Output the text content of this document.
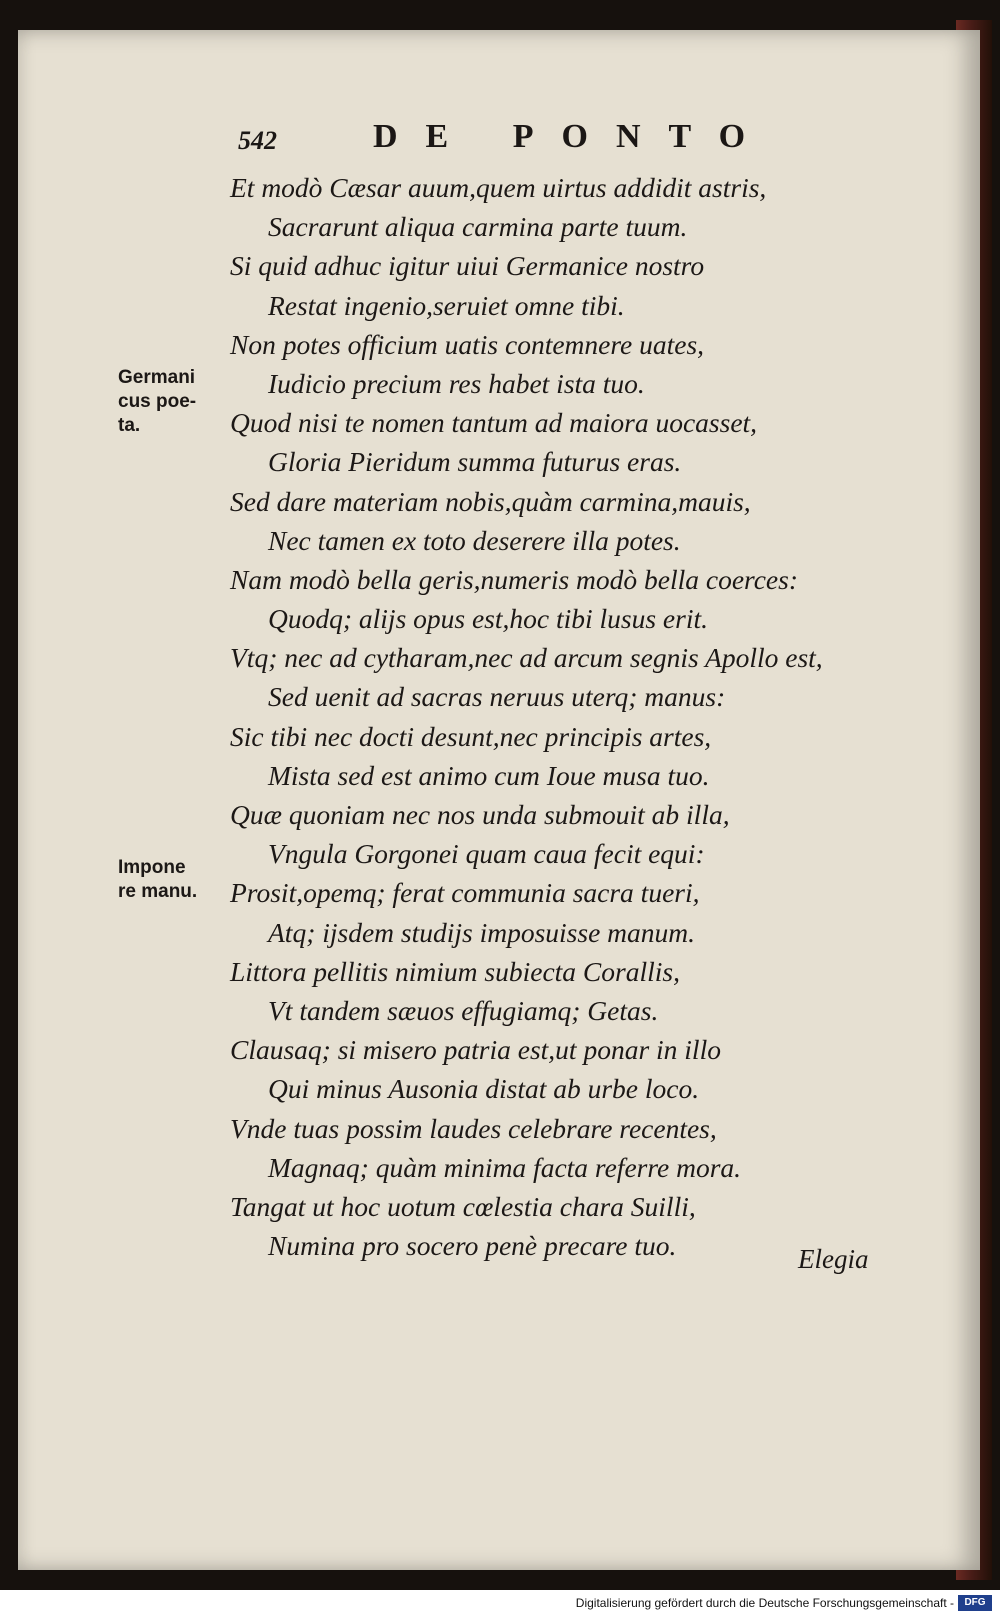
542	DE PONTO
Germani
cus poe-
ta.
Impone
re manu.
Et modò Cæsar auum,quem uirtus addidit astris,
Sacrarunt aliqua carmina parte tuum.
Si quid adhuc igitur uiui Germanice nostro
Restat ingenio,seruiet omne tibi.
Non potes officium uatis contemnere uates,
Iudicio precium res habet ista tuo.
Quod nisi te nomen tantum ad maiora uocasset,
Gloria Pieridum summa futurus eras.
Sed dare materiam nobis,quàm carmina,mauis,
Nec tamen ex toto deserere illa potes.
Nam modò bella geris,numeris modò bella coerces:
Quodq; alijs opus est,hoc tibi lusus erit.
Vtq; nec ad cytharam,nec ad arcum segnis Apollo est,
Sed uenit ad sacras neruus uterq; manus:
Sic tibi nec docti desunt,nec principis artes,
Mista sed est animo cum Ioue musa tuo.
Quæ quoniam nec nos unda submouit ab illa,
Vngula Gorgonei quam caua fecit equi:
Prosit,opemq; ferat communia sacra tueri,
Atq; ijsdem studijs imposuisse manum.
Littora pellitis nimium subiecta Corallis,
Vt tandem sæuos effugiamq; Getas.
Clausaq; si misero patria est,ut ponar in illo
Qui minus Ausonia distat ab urbe loco.
Vnde tuas possim laudes celebrare recentes,
Magnaq; quàm minima facta referre mora.
Tangat ut hoc uotum cœlestia chara Suilli,
Numina pro socero penè precare tuo.	Elegia
Digitalisierung gefördert durch die Deutsche Forschungsgemeinschaft -	DFG
